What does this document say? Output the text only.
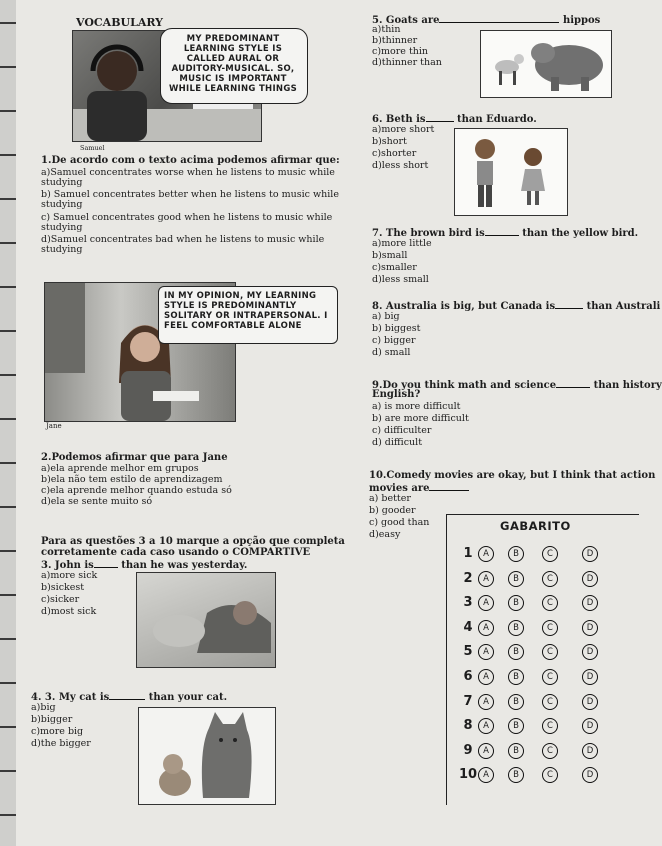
VOCABULARY
MY PREDOMINANT LEARNING STYLE IS CALLED AURAL OR AUDITORY-MUSICAL. SO, MUSIC IS IMPORTANT WHILE LEARNING THINGS
Samuel
1.De acordo com o texto acima podemos afirmar que:
a)Samuel concentrates worse when he listens to music while
studying
b) Samuel concentrates better when he listens to music while
studying
c) Samuel concentrates good when he listens to music while
studying
d)Samuel concentrates bad when he listens to music while
studying
IN MY OPINION, MY LEARNING STYLE IS PREDOMINANTLY SOLITARY OR INTRAPERSONAL. I FEEL COMFORTABLE ALONE
Jane
2.Podemos afirmar que para Jane
a)ela aprende melhor em grupos
b)ela não tem estilo de aprendizagem
c)ela aprende melhor quando estuda só
d)ela se sente muito só
Para as questões 3 a 10 marque a opção que completa
corretamente cada caso usando o COMPARTIVE
3. John is	than he was yesterday.
a)more sick
b)sickest
c)sicker
d)most sick
4. 3. My cat is	than your cat.
a)big
b)bigger
c)more big
d)the bigger
5. Goats are	hippos
a)thin
b)thinner
c)more thin
d)thinner than
6. Beth is	than Eduardo.
a)more short
b)short
c)shorter
d)less short
7. The brown bird is	than the yellow bird.
a)more little
b)small
c)smaller
d)less small
8. Australia is big, but Canada is	than Australi
a) big
b) biggest
c) bigger
d) small
9.Do you think math and science	than history
English?
a) is more difficult
b) are more difficult
c) difficulter
d) difficult
10.Comedy movies are okay, but I think that action
movies are
a) better
b) gooder
c) good than
d)easy
GABARITO
1	A	B	C	D
2	A	B	C	D
3	A	B	C	D
4	A	B	C	D
5	A	B	C	D
6	A	B	C	D
7	A	B	C	D
8	A	B	C	D
9	A	B	C	D
10 A	B	C	D
